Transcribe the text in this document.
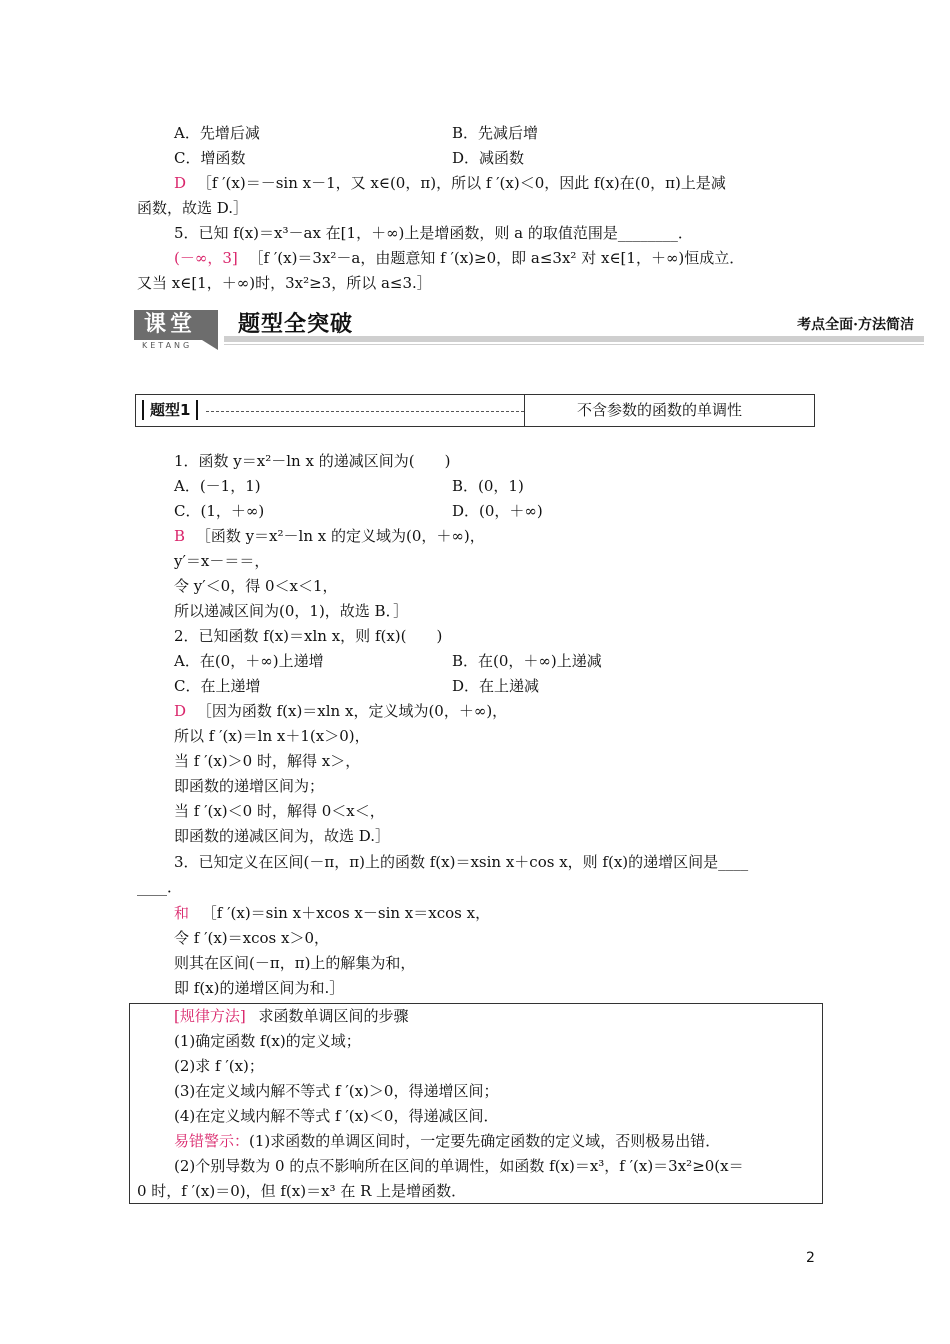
A．先增后减	B．先减后增
C．增函数	D．减函数
D ［f ′(x)＝－sin x－1，又 x∈(0，π)，所以 f ′(x)＜0，因此 f(x)在(0，π)上是减
函数，故选 D.］
5．已知 f(x)＝x³－ax 在[1，＋∞)上是增函数，则 a 的取值范围是________．
(－∞，3] ［f ′(x)＝3x²－a，由题意知 f ′(x)≥0，即 a≤3x² 对 x∈[1，＋∞)恒成立．
又当 x∈[1，＋∞)时，3x²≥3，所以 a≤3.］
课堂
KETANG
题型全突破	考点全面·方法简洁
题型1	不含参数的函数的单调性
1．函数 y＝x²－ln x 的递减区间为(　　)
A．(－1，1)	B．(0，1)
C．(1，＋∞)	D．(0，＋∞)
B ［函数 y＝x²－ln x 的定义域为(0，＋∞)，
y′＝x－＝＝，
令 y′＜0，得 0＜x＜1，
所以递减区间为(0，1)，故选 B．］
2．已知函数 f(x)＝xln x，则 f(x)(　　)
A．在(0，＋∞)上递增	B．在(0，＋∞)上递减
C．在上递增	D．在上递减
D ［因为函数 f(x)＝xln x，定义域为(0，＋∞)，
所以 f ′(x)＝ln x＋1(x＞0)，
当 f ′(x)＞0 时，解得 x＞，
即函数的递增区间为；
当 f ′(x)＜0 时，解得 0＜x＜，
即函数的递减区间为，故选 D.］
3．已知定义在区间(－π，π)上的函数 f(x)＝xsin x＋cos x，则 f(x)的递增区间是____
____．
和 ［f ′(x)＝sin x＋xcos x－sin x＝xcos x，
令 f ′(x)＝xcos x＞0，
则其在区间(－π，π)上的解集为和，
即 f(x)的递增区间为和.］
[规律方法] 求函数单调区间的步骤
(1)确定函数 f(x)的定义域；
(2)求 f ′(x)；
(3)在定义域内解不等式 f ′(x)＞0，得递增区间；
(4)在定义域内解不等式 f ′(x)＜0，得递减区间．
易错警示：(1)求函数的单调区间时，一定要先确定函数的定义域，否则极易出错．
(2)个别导数为 0 的点不影响所在区间的单调性，如函数 f(x)＝x³，f ′(x)＝3x²≥0(x＝
0 时，f ′(x)＝0)，但 f(x)＝x³ 在 R 上是增函数．
2
